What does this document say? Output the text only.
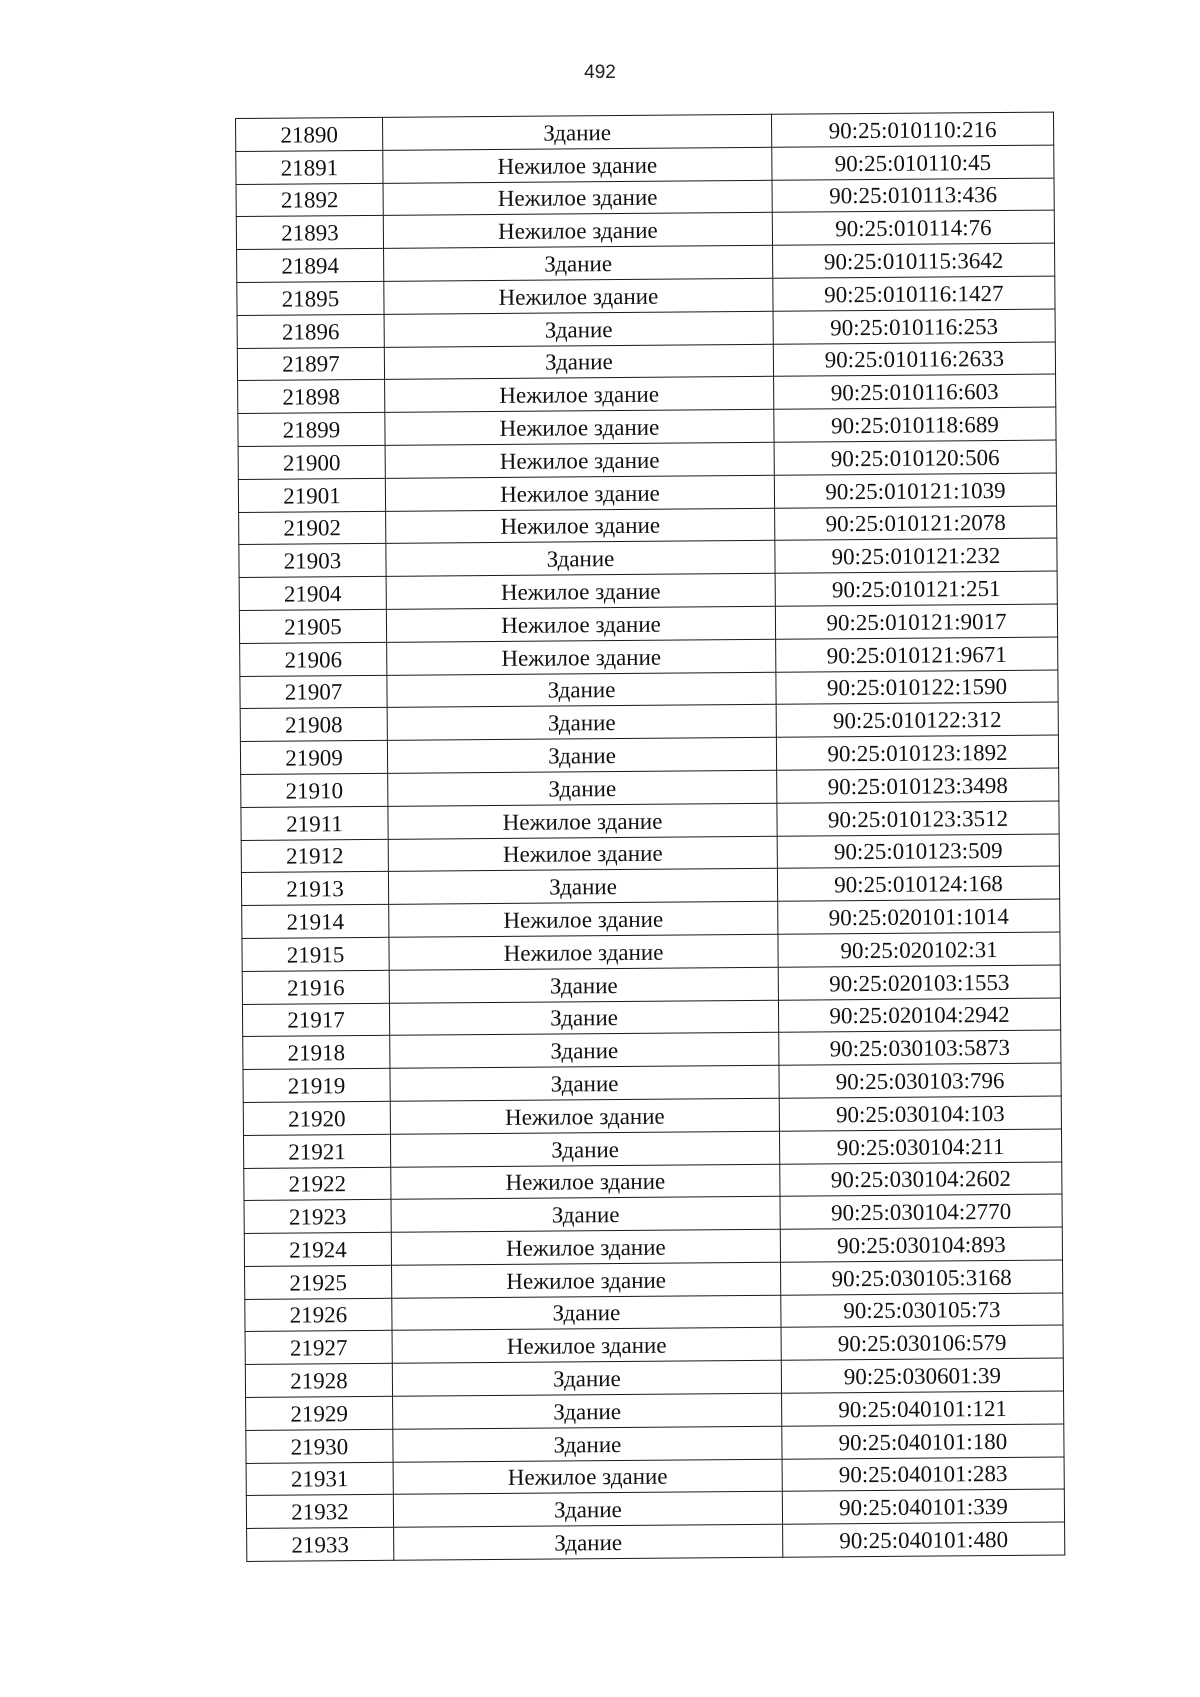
492
21890	Здание	90:25:010110:216
21891	Нежилое здание	90:25:010110:45
21892	Нежилое здание	90:25:010113:436
21893	Нежилое здание	90:25:010114:76
21894	Здание	90:25:010115:3642
21895	Нежилое здание	90:25:010116:1427
21896	Здание	90:25:010116:253
21897	Здание	90:25:010116:2633
21898	Нежилое здание	90:25:010116:603
21899	Нежилое здание	90:25:010118:689
21900	Нежилое здание	90:25:010120:506
21901	Нежилое здание	90:25:010121:1039
21902	Нежилое здание	90:25:010121:2078
21903	Здание	90:25:010121:232
21904	Нежилое здание	90:25:010121:251
21905	Нежилое здание	90:25:010121:9017
21906	Нежилое здание	90:25:010121:9671
21907	Здание	90:25:010122:1590
21908	Здание	90:25:010122:312
21909	Здание	90:25:010123:1892
21910	Здание	90:25:010123:3498
21911	Нежилое здание	90:25:010123:3512
21912	Нежилое здание	90:25:010123:509
21913	Здание	90:25:010124:168
21914	Нежилое здание	90:25:020101:1014
21915	Нежилое здание	90:25:020102:31
21916	Здание	90:25:020103:1553
21917	Здание	90:25:020104:2942
21918	Здание	90:25:030103:5873
21919	Здание	90:25:030103:796
21920	Нежилое здание	90:25:030104:103
21921	Здание	90:25:030104:211
21922	Нежилое здание	90:25:030104:2602
21923	Здание	90:25:030104:2770
21924	Нежилое здание	90:25:030104:893
21925	Нежилое здание	90:25:030105:3168
21926	Здание	90:25:030105:73
21927	Нежилое здание	90:25:030106:579
21928	Здание	90:25:030601:39
21929	Здание	90:25:040101:121
21930	Здание	90:25:040101:180
21931	Нежилое здание	90:25:040101:283
21932	Здание	90:25:040101:339
21933	Здание	90:25:040101:480
